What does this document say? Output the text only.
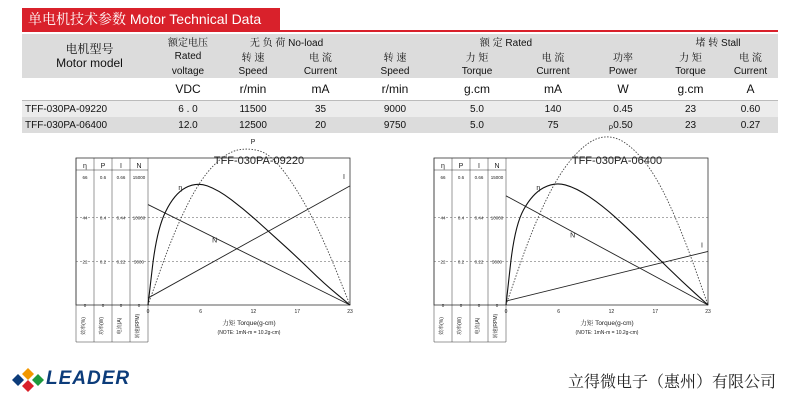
单电机技术参数 Motor Technical Data
电机型号
Motor model	额定电压	无 负 荷 No-load		额 定 Rated				堵 转 Stall	
	Rated	转 速	电 流	转 速	力 矩	电 流	功率	力 矩	电 流
	voltage	Speed	Current	Speed	Torque	Current	Power	Torque	Current
	VDC	r/min	mA	r/min	g.cm	mA	W	g.cm	A
TFF-030PA-09220	6 . 0	11500	35	9000	5.0	140	0.45	23	0.60
TFF-030PA-06400	12.0	12500	20	9750	5.0	75	0.50	23	0.27
η P I N
66	0.6 0.66 15000
44	0.4 0.44 10000
22	0.2 0.22 5000
0	0	0	0
效率(%) 功率(W) 电流(A) 转速(RPM)
TFF-030PA-09220
0	6	12	17	23
力矩 Torque(g-cm)
(NOTE: 1mN-m = 10.2g-cm)
N
I
P
η
η P I N
66	0.6 0.66 15000
44	0.4 0.44 10000
22	0.2 0.22 5000
0	0	0	0
效率(%) 功率(W) 电流(A) 转速(RPM)
TFF-030PA-06400
0	6	12	17	23
力矩 Torque(g-cm)
(NOTE: 1mN-m = 10.2g-cm)
N
I
P
η
LEADER	立得微电子（惠州）有限公司
